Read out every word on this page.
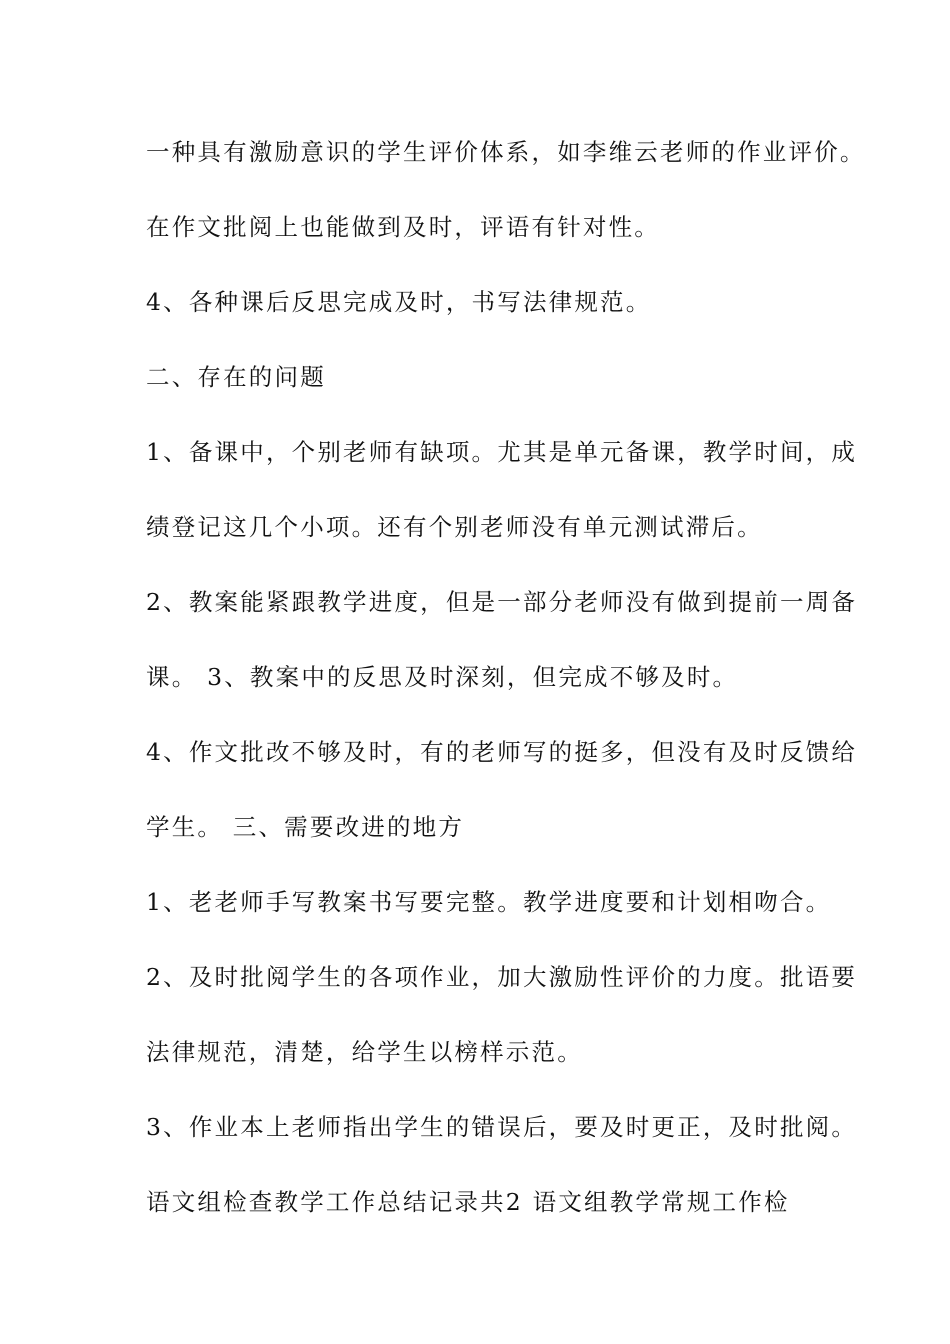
一种具有激励意识的学生评价体系，如李维云老师的作业评价。
在作文批阅上也能做到及时，评语有针对性。
4、各种课后反思完成及时，书写法律规范。
二、存在的问题
1、备课中，个别老师有缺项。尤其是单元备课，教学时间，成
绩登记这几个小项。还有个别老师没有单元测试滞后。
2、教案能紧跟教学进度，但是一部分老师没有做到提前一周备
课。 3、教案中的反思及时深刻，但完成不够及时。
4、作文批改不够及时，有的老师写的挺多，但没有及时反馈给
学生。 三、需要改进的地方
1、老老师手写教案书写要完整。教学进度要和计划相吻合。
2、及时批阅学生的各项作业，加大激励性评价的力度。批语要
法律规范，清楚，给学生以榜样示范。
3、作业本上老师指出学生的错误后，要及时更正，及时批阅。
语文组检查教学工作总结记录共2 语文组教学常规工作检
